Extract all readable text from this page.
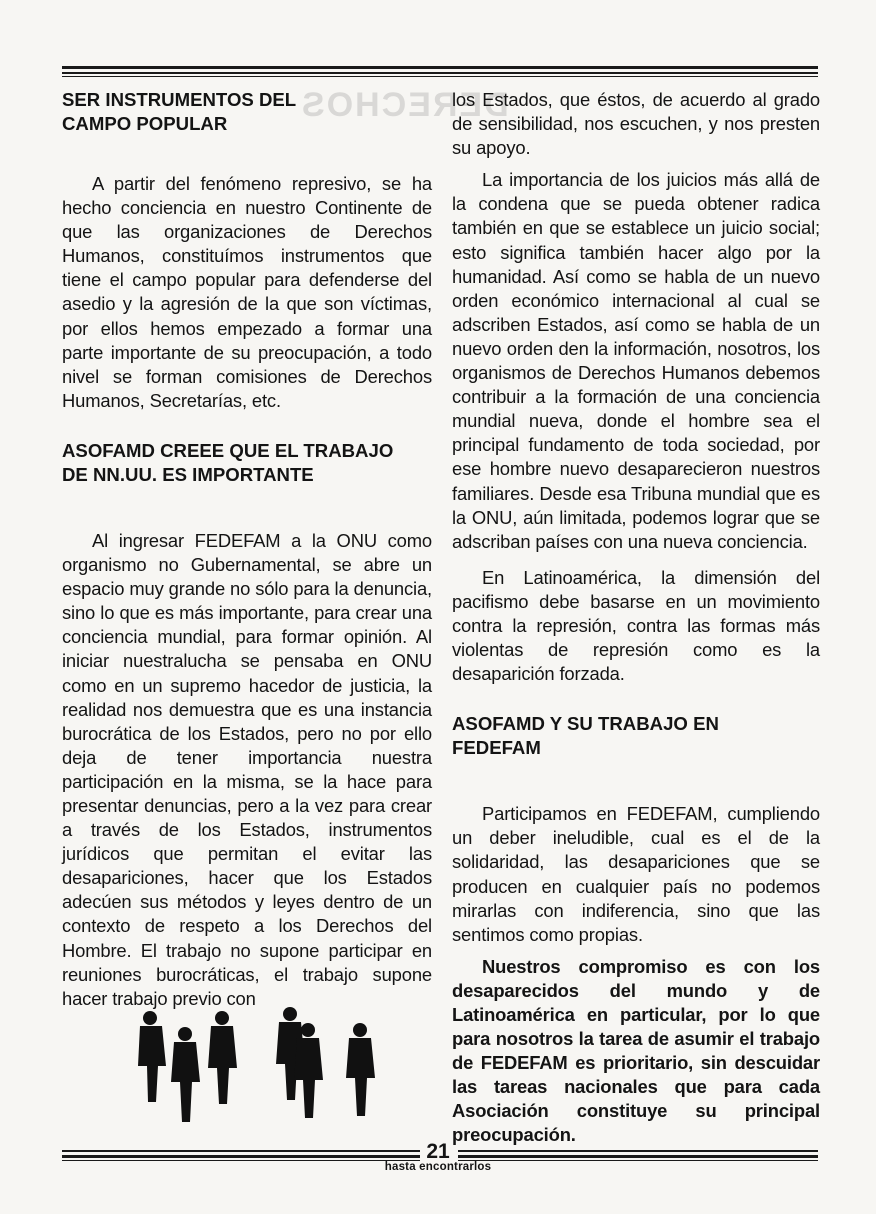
DERECHOS
SER INSTRUMENTOS DEL CAMPO POPULAR

A partir del fenómeno represivo, se ha hecho conciencia en nuestro Continente de que las organizaciones de Derechos Humanos, constituímos instrumentos que tiene el campo popular para defenderse del asedio y la agresión de la que son víctimas, por ellos hemos empezado a formar una parte importante de su preocupación, a todo nivel se forman comisiones de Derechos Humanos, Secretarías, etc.

ASOFAMD CREEE QUE EL TRABAJO DE NN.UU. ES IMPORTANTE

Al ingresar FEDEFAM a la ONU como organismo no Gubernamental, se abre un espacio muy grande no sólo para la denuncia, sino lo que es más importante, para crear una conciencia mundial, para formar opinión. Al iniciar nuestralucha se pensaba en ONU como en un supremo hacedor de justicia, la realidad nos demuestra que es una instancia burocrática de los Estados, pero no por ello deja de tener importancia nuestra participación en la misma, se la hace para presentar denuncias, pero a la vez para crear a través de los Estados, instrumentos jurídicos que permitan el evitar las desapariciones, hacer que los Estados adecúen sus métodos y leyes dentro de un contexto de respeto a los Derechos del Hombre. El trabajo no supone participar en reuniones burocráticas, el trabajo supone hacer trabajo previo con

los Estados, que éstos, de acuerdo al grado de sensibilidad, nos escuchen, y nos presten su apoyo.

La importancia de los juicios más allá de la condena que se pueda obtener radica también en que se establece un juicio social; esto significa también hacer algo por la humanidad. Así como se habla de un nuevo orden económico internacional al cual se adscriben Estados, así como se habla de un nuevo orden den la información, nosotros, los organismos de Derechos Humanos debemos contribuir a la formación de una conciencia mundial nueva, donde el hombre sea el principal fundamento de toda sociedad, por ese hombre nuevo desaparecieron nuestros familiares. Desde esa Tribuna mundial que es la ONU, aún limitada, podemos lograr que se adscriban países con una nueva conciencia.

En Latinoamérica, la dimensión del pacifismo debe basarse en un movimiento contra la represión, contra las formas más violentas de represión como es la desaparición forzada.

ASOFAMD Y SU TRABAJO EN FEDEFAM

Participamos en FEDEFAM, cumpliendo un deber ineludible, cual es el de la solidaridad, las desapariciones que se producen en cualquier país no podemos mirarlas con indiferencia, sino que las sentimos como propias.

Nuestros compromiso es con los desaparecidos del mundo y de Latinoamérica en particular, por lo que para nosotros la tarea de asumir el trabajo de FEDEFAM es prioritario, sin descuidar las tareas nacionales que para cada Asociación constituye su principal preocupación.

21
hasta encontrarlos
